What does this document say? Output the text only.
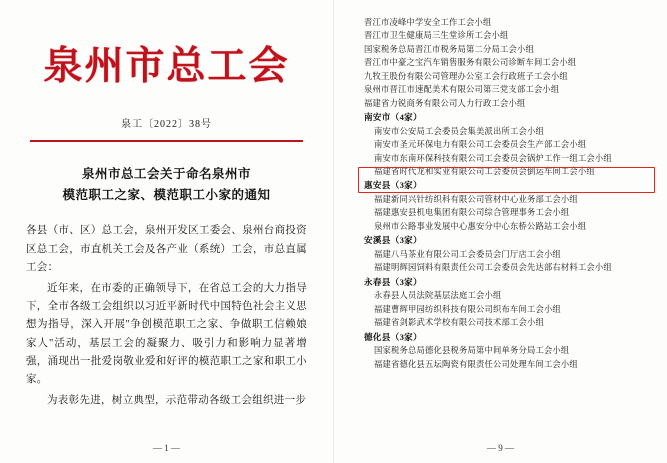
泉州市总工会
泉工〔2022〕38号
泉州市总工会关于命名泉州市
模范职工之家、模范职工小家的通知

各县（市、区）总工会，泉州开发区工委会、泉州台商投资区总工会，市直机关工会及各产业（系统）工会，市总直属工会：

近年来，在市委的正确领导下，在省总工会的大力指导下，全市各级工会组织以习近平新时代中国特色社会主义思想为指导，深入开展"争创模范职工之家、争做职工信赖娘家人"活动，基层工会的凝聚力、吸引力和影响力显著增强，涌现出一批爱岗敬业爱和好评的模范职工之家和职工小家。

为表彰先进，树立典型，示范带动各级工会组织进一步

— 1 —
晋江市凌峰中学安全工作工会小组
晋江市卫生健康局三生堂诊所工会小组
国家税务总局晋江市税务局第二分局工会小组
晋江市中豪之宝汽车销售服务有限公司诊断车间工会小组
九牧王股份有限公司管理办公室工会行政班子工会小组
泉州市晋江市速配美术有限公司第三党支部工会小组
福建省力锐商务有限公司人力行政工会小组
南安市（4家）
南安市公安局工会委员会集美派出所工会小组
南安市圣元环保电力有限公司工会委员会生产部工会小组
南安市东南环保科技有限公司工会委员会锅炉工作一组工会小组
福建省时代龙和实业有限公司工会委员会倒运车间工会小组
惠安县（3家）
福建新同兴针纺织科有限公司管材中心业务部工会小组
福建惠安县机电集团有限公司综合管理事务工会小组
泉州市公路事业发展中心惠安分中心东桥公路站工会小组
安溪县（3家）
福建八马茶业有限公司工会委员会门厅店工会小组
福建明辉园饲料有限责任公司工会委员会先达部右材料工会小组
永春县（3家）
永春县人员法院基层法庭工会小组
福建曹辉甲园纺织科技有限公司织布车间工会小组
福建省剑影武术学校有限公司技术部工会小组
德化县（3家）
国家税务总局德化县税务局第中间单务分局工会小组
福建省德化县五坛陶瓷有限责任公司处理车间工会小组
— 9 —
